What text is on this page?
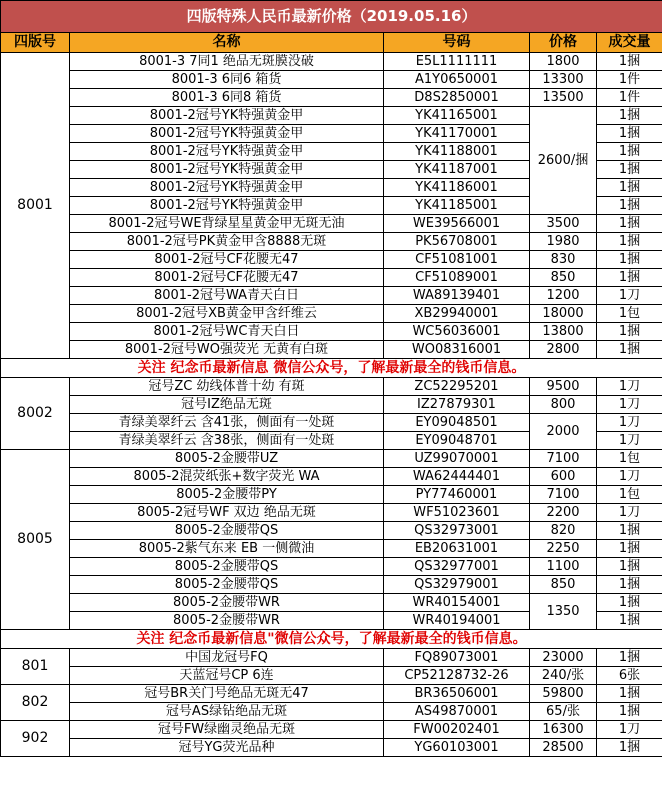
四版特殊人民币最新价格（2019.05.16）				
四版号	名称	号码	价格	成交量
8001	8001-3 7同1 绝品无斑膜没破	E5L1111111	1800	1捆
	8001-3 6同6 箱货	A1Y0650001	13300	1件
	8001-3 6同8 箱货	D8S2850001	13500	1件
	8001-2冠号YK特强黄金甲	YK41165001	2600/捆	1捆
	8001-2冠号YK特强黄金甲	YK41170001		1捆
	8001-2冠号YK特强黄金甲	YK41188001		1捆
	8001-2冠号YK特强黄金甲	YK41187001		1捆
	8001-2冠号YK特强黄金甲	YK41186001		1捆
	8001-2冠号YK特强黄金甲	YK41185001		1捆
	8001-2冠号WE背绿星星黄金甲无斑无油	WE39566001	3500	1捆
	8001-2冠号PK黄金甲含8888无斑	PK56708001	1980	1捆
	8001-2冠号CF花腰无47	CF51081001	830	1捆
	8001-2冠号CF花腰无47	CF51089001	850	1捆
	8001-2冠号WA青天白日	WA89139401	1200	1刀
	8001-2冠号XB黄金甲含纤维云	XB29940001	18000	1包
	8001-2冠号WC青天白日	WC56036001	13800	1捆
	8001-2冠号WO强荧光 无黄有白斑	WO08316001	2800	1捆
关注 纪念币最新信息 微信公众号，了解最新最全的钱币信息。				
8002	冠号ZC 幼线体普十幼 有斑	ZC52295201	9500	1刀
	冠号IZ绝品无斑	IZ27879301	800	1刀
	青绿美翠纤云 含41张，侧面有一处斑	EY09048501	2000	1刀
	青绿美翠纤云 含38张，侧面有一处斑	EY09048701		1刀
8005	8005-2金腰带UZ	UZ99070001	7100	1包
	8005-2混荧纸张+数字荧光 WA	WA62444401	600	1刀
	8005-2金腰带PY	PY77460001	7100	1包
	8005-2冠号WF 双边 绝品无斑	WF51023601	2200	1刀
	8005-2金腰带QS	QS32973001	820	1捆
	8005-2紫气东来 EB 一侧微油	EB20631001	2250	1捆
	8005-2金腰带QS	QS32977001	1100	1捆
	8005-2金腰带QS	QS32979001	850	1捆
	8005-2金腰带WR	WR40154001	1350	1捆
	8005-2金腰带WR	WR40194001		1捆
关注 纪念币最新信息"微信公众号，了解最新最全的钱币信息。				
801	中国龙冠号FQ	FQ89073001	23000	1捆
	天蓝冠号CP 6连	CP52128732-26	240/张	6张
802	冠号BR关门号绝品无斑无47	BR36506001	59800	1捆
	冠号AS绿钻绝品无斑	AS49870001	65/张	1捆
902	冠号FW绿幽灵绝品无斑	FW00202401	16300	1刀
	冠号YG荧光品种	YG60103001	28500	1捆
